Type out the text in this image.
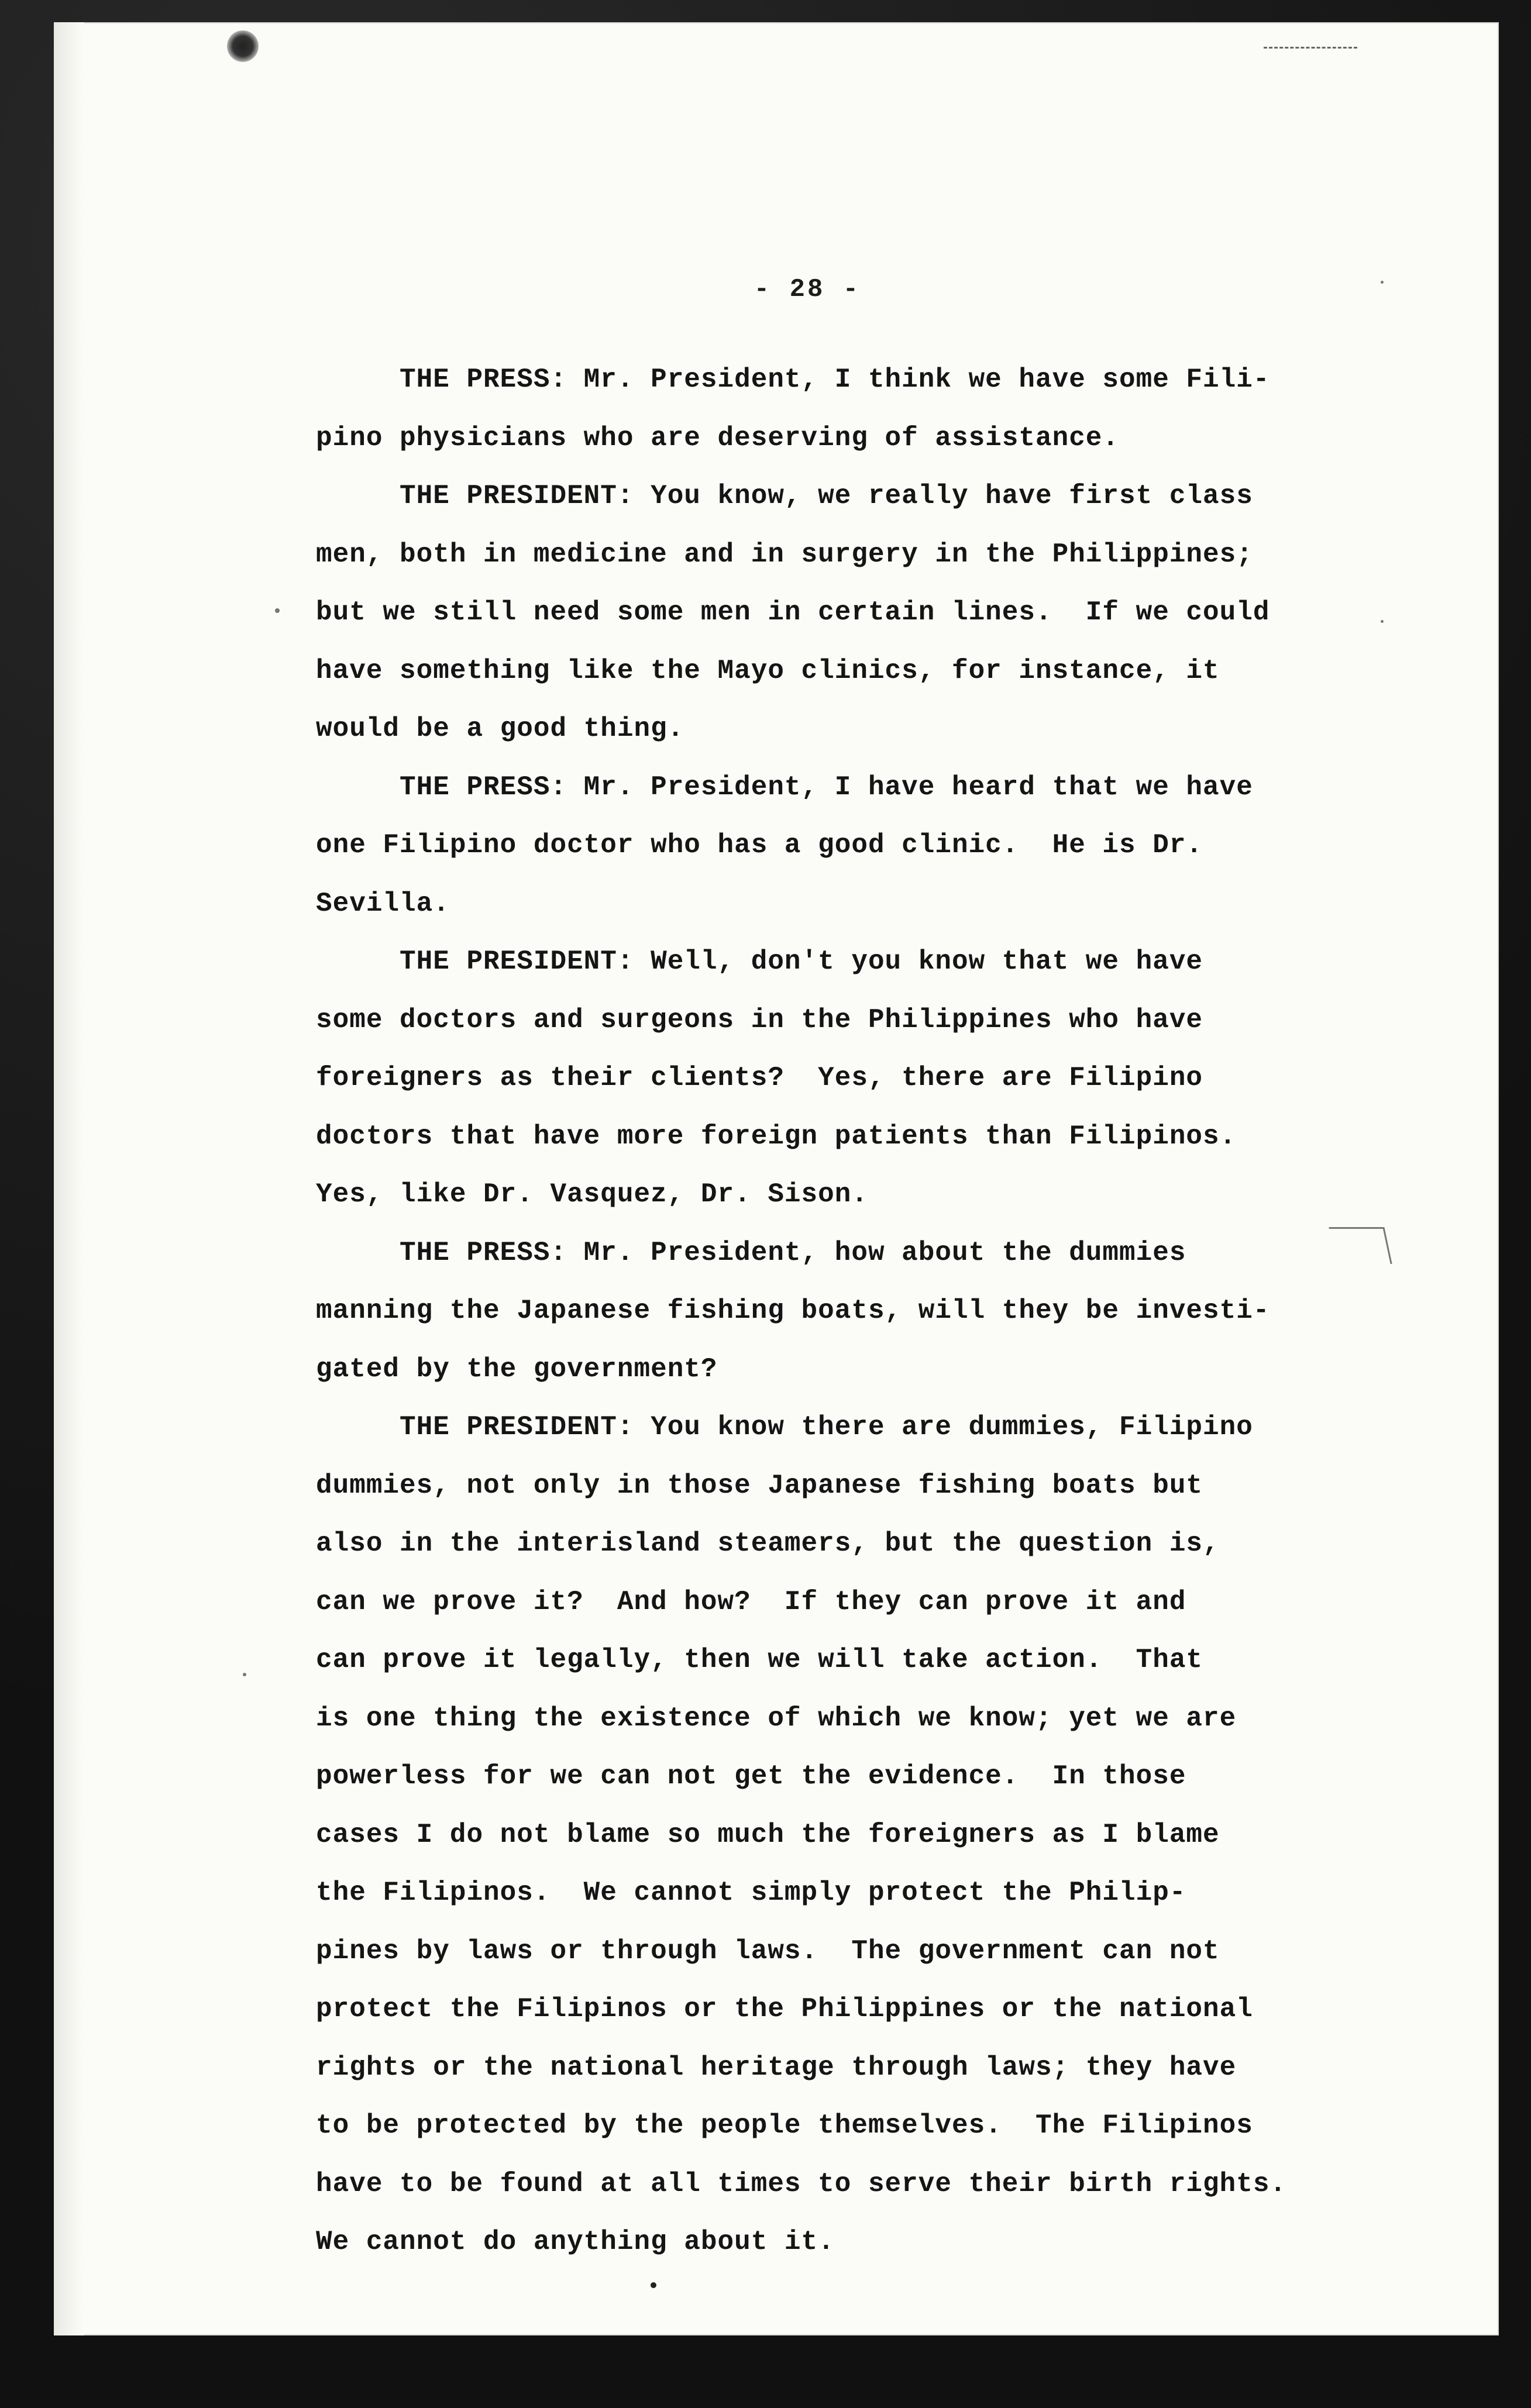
- 28 -
THE PRESS: Mr. President, I think we have some Fili-
pino physicians who are deserving of assistance.
THE PRESIDENT: You know, we really have first class
men, both in medicine and in surgery in the Philippines;
but we still need some men in certain lines.  If we could
have something like the Mayo clinics, for instance, it
would be a good thing.
THE PRESS: Mr. President, I have heard that we have
one Filipino doctor who has a good clinic.  He is Dr.
Sevilla.
THE PRESIDENT: Well, don't you know that we have
some doctors and surgeons in the Philippines who have
foreigners as their clients?  Yes, there are Filipino
doctors that have more foreign patients than Filipinos.
Yes, like Dr. Vasquez, Dr. Sison.
THE PRESS: Mr. President, how about the dummies
manning the Japanese fishing boats, will they be investi-
gated by the government?
THE PRESIDENT: You know there are dummies, Filipino
dummies, not only in those Japanese fishing boats but
also in the interisland steamers, but the question is,
can we prove it?  And how?  If they can prove it and
can prove it legally, then we will take action.  That
is one thing the existence of which we know; yet we are
powerless for we can not get the evidence.  In those
cases I do not blame so much the foreigners as I blame
the Filipinos.  We cannot simply protect the Philip-
pines by laws or through laws.  The government can not
protect the Filipinos or the Philippines or the national
rights or the national heritage through laws; they have
to be protected by the people themselves.  The Filipinos
have to be found at all times to serve their birth rights.
We cannot do anything about it.
